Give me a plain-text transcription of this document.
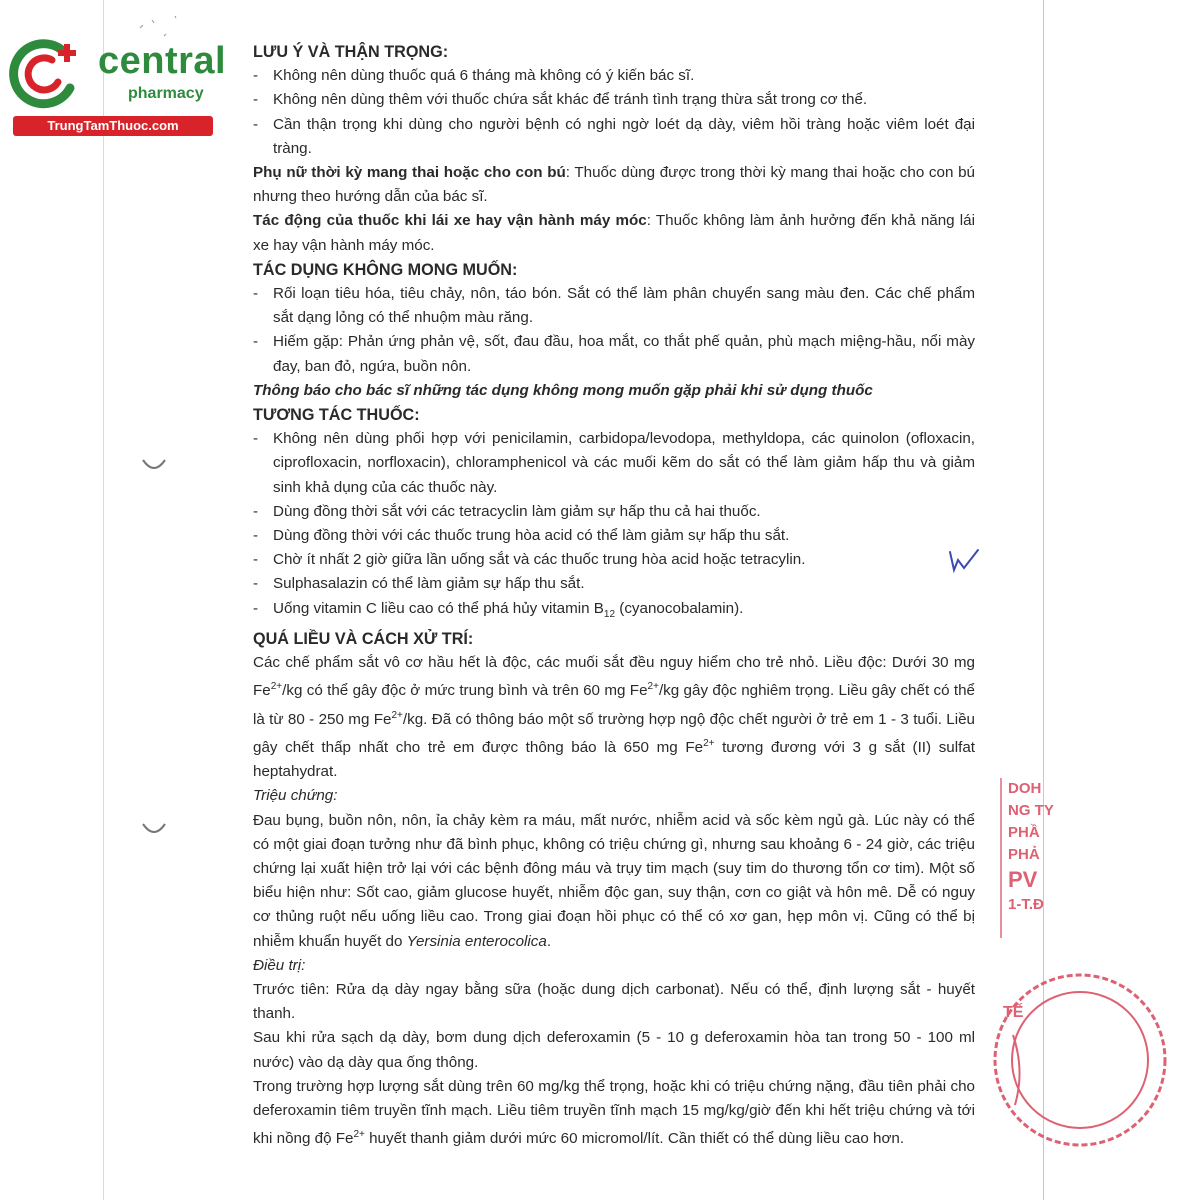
central
pharmacy
TrungTamThuoc.com

LƯU Ý VÀ THẬN TRỌNG:

- Không nên dùng thuốc quá 6 tháng mà không có ý kiến bác sĩ.

- Không nên dùng thêm với thuốc chứa sắt khác để tránh tình trạng thừa sắt trong cơ thể.

- Cần thận trọng khi dùng cho người bệnh có nghi ngờ loét dạ dày, viêm hồi tràng hoặc viêm loét đại tràng.

Phụ nữ thời kỳ mang thai hoặc cho con bú: Thuốc dùng được trong thời kỳ mang thai hoặc cho con bú nhưng theo hướng dẫn của bác sĩ.

Tác động của thuốc khi lái xe hay vận hành máy móc: Thuốc không làm ảnh hưởng đến khả năng lái xe hay vận hành máy móc.

TÁC DỤNG KHÔNG MONG MUỐN:

- Rối loạn tiêu hóa, tiêu chảy, nôn, táo bón. Sắt có thể làm phân chuyển sang màu đen. Các chế phẩm sắt dạng lỏng có thể nhuộm màu răng.

- Hiếm gặp: Phản ứng phản vệ, sốt, đau đầu, hoa mắt, co thắt phế quản, phù mạch miệng-hầu, nổi mày đay, ban đỏ, ngứa, buồn nôn.

Thông báo cho bác sĩ những tác dụng không mong muốn gặp phải khi sử dụng thuốc

TƯƠNG TÁC THUỐC:

- Không nên dùng phối hợp với penicilamin, carbidopa/levodopa, methyldopa, các quinolon (ofloxacin, ciprofloxacin, norfloxacin), chloramphenicol và các muối kẽm do sắt có thể làm giảm hấp thu và giảm sinh khả dụng của các thuốc này.

- Dùng đồng thời sắt với các tetracyclin làm giảm sự hấp thu cả hai thuốc.

- Dùng đồng thời với các thuốc trung hòa acid có thể làm giảm sự hấp thu sắt.

- Chờ ít nhất 2 giờ giữa lần uống sắt và các thuốc trung hòa acid hoặc tetracylin.

- Sulphasalazin có thể làm giảm sự hấp thu sắt.

- Uống vitamin C liều cao có thể phá hủy vitamin $B_{12}$ (cyanocobalamin).

QUÁ LIỀU VÀ CÁCH XỬ TRÍ:

Các chế phẩm sắt vô cơ hầu hết là độc, các muối sắt đều nguy hiểm cho trẻ nhỏ. Liều độc: Dưới 30 mg $Fe^{2+}/kg$ có thể gây độc ở mức trung bình và trên 60 mg $Fe^{2+}/kg$ gây độc nghiêm trọng. Liều gây chết có thể là từ 80 - 250 mg $Fe^{2+}/kg$. Đã có thông báo một số trường hợp ngộ độc chết người ở trẻ em 1 - 3 tuổi. Liều gây chết thấp nhất cho trẻ em được thông báo là 650 mg $Fe^{2+}$ tương đương với 3 g sắt (II) sulfat heptahydrat.

Triệu chứng:

Đau bụng, buồn nôn, nôn, ỉa chảy kèm ra máu, mất nước, nhiễm acid và sốc kèm ngủ gà. Lúc này có thể có một giai đoạn tưởng như đã bình phục, không có triệu chứng gì, nhưng sau khoảng 6 - 24 giờ, các triệu chứng lại xuất hiện trở lại với các bệnh đông máu và trụy tim mạch (suy tim do thương tổn cơ tim). Một số biểu hiện như: Sốt cao, giảm glucose huyết, nhiễm độc gan, suy thận, cơn co giật và hôn mê. Dễ có nguy cơ thủng ruột nếu uống liều cao. Trong giai đoạn hồi phục có thể có xơ gan, hẹp môn vị. Cũng có thể bị nhiễm khuẩn huyết do Yersinia enterocolica.

Điều trị:

Trước tiên: Rửa dạ dày ngay bằng sữa (hoặc dung dịch carbonat). Nếu có thể, định lượng sắt - huyết thanh.

Sau khi rửa sạch dạ dày, bơm dung dịch deferoxamin (5 - 10 g deferoxamin hòa tan trong 50 - 100 ml nước) vào dạ dày qua ống thông.

Trong trường hợp lượng sắt dùng trên 60 mg/kg thể trọng, hoặc khi có triệu chứng nặng, đầu tiên phải cho deferoxamin tiêm truyền tĩnh mạch. Liều tiêm truyền tĩnh mạch 15 mg/kg/giờ đến khi hết triệu chứng và tới khi nồng độ $Fe^{2+}$ huyết thanh giảm dưới mức 60 micromol/lít. Cần thiết có thể dùng liều cao hơn.

DOH
NG TY
PHẦ
PHẢ
PV
1-T.Đ
TẾ
